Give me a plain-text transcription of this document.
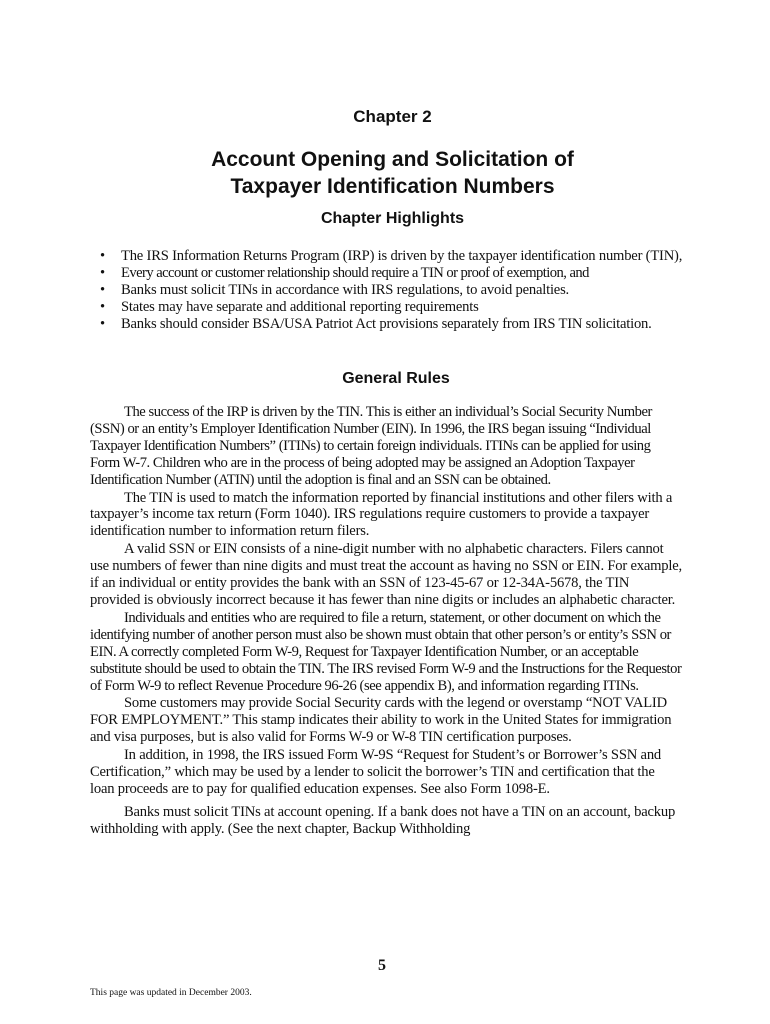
Chapter 2
Account Opening and Solicitation of
Taxpayer Identification Numbers
Chapter Highlights
• The IRS Information Returns Program (IRP) is driven by the taxpayer identification number (TIN),
• Every account or customer relationship should require a TIN or proof of exemption, and
• Banks must solicit TINs in accordance with IRS regulations, to avoid penalties.
• States may have separate and additional reporting requirements
• Banks should consider BSA/USA Patriot Act provisions separately from IRS TIN solicitation.
General Rules

The success of the IRP is driven by the TIN. This is either an individual’s Social Security Number (SSN) or an entity’s Employer Identification Number (EIN). In 1996, the IRS began issuing “Individual Taxpayer Identification Numbers” (ITINs) to certain foreign individuals. ITINs can be applied for using Form W-7. Children who are in the process of being adopted may be assigned an Adoption Taxpayer Identification Number (ATIN) until the adoption is final and an SSN can be obtained.

The TIN is used to match the information reported by financial institutions and other filers with a taxpayer’s income tax return (Form 1040). IRS regulations require customers to provide a taxpayer identification number to information return filers.

A valid SSN or EIN consists of a nine-digit number with no alphabetic characters. Filers cannot use numbers of fewer than nine digits and must treat the account as having no SSN or EIN. For example, if an individual or entity provides the bank with an SSN of 123-45-67 or 12-34A-5678, the TIN provided is obviously incorrect because it has fewer than nine digits or includes an alphabetic character.

Individuals and entities who are required to file a return, statement, or other document on which the identifying number of another person must also be shown must obtain that other person’s or entity’s SSN or EIN. A correctly completed Form W-9, Request for Taxpayer Identification Number, or an acceptable substitute should be used to obtain the TIN. The IRS revised Form W-9 and the Instructions for the Requestor of Form W-9 to reflect Revenue Procedure 96-26 (see appendix B), and information regarding ITINs.

Some customers may provide Social Security cards with the legend or overstamp “NOT VALID FOR EMPLOYMENT.” This stamp indicates their ability to work in the United States for immigration and visa purposes, but is also valid for Forms W-9 or W-8 TIN certification purposes.

In addition, in 1998, the IRS issued Form W-9S “Request for Student’s or Borrower’s SSN and Certification,” which may be used by a lender to solicit the borrower’s TIN and certification that the loan proceeds are to pay for qualified education expenses. See also Form 1098-E.

Banks must solicit TINs at account opening. If a bank does not have a TIN on an account, backup withholding with apply. (See the next chapter, Backup Withholding

5
This page was updated in December 2003.
